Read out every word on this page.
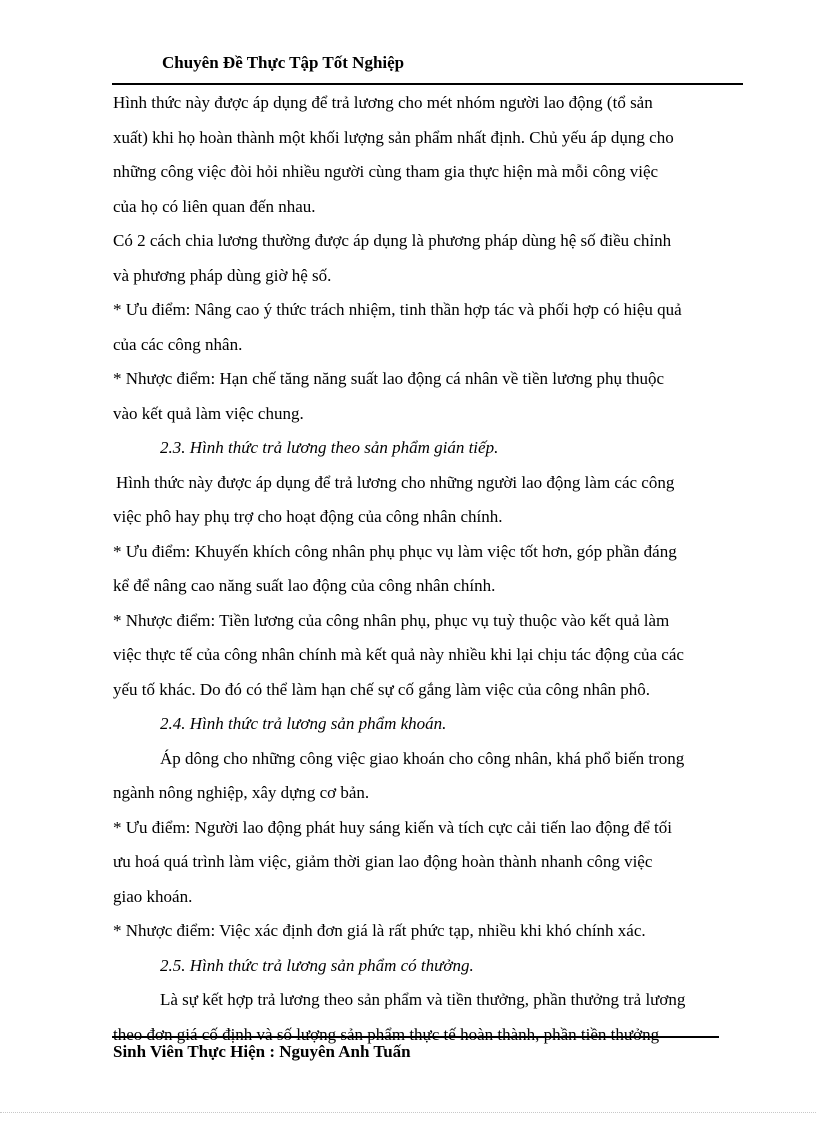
Chuyên Đề Thực Tập Tốt Nghiệp

Hình thức này được áp dụng để trả lương cho mét nhóm người lao động (tổ sản

xuất) khi họ hoàn thành một khối lượng sản phẩm nhất định. Chủ yếu áp dụng cho

những công việc đòi hỏi nhiều người cùng tham gia thực hiện mà mỗi công việc

của họ có liên quan đến nhau.

Có 2 cách chia lương thường được áp dụng là phương pháp dùng hệ số điều chỉnh

và phương pháp dùng giờ hệ số.

* Ưu điểm: Nâng cao ý thức trách nhiệm, tinh thần hợp tác và phối hợp có hiệu quả

của các công nhân.

* Nhược điểm: Hạn chế tăng năng suất lao động cá nhân về tiền lương phụ thuộc

vào kết quả làm việc chung.

2.3. Hình thức trả lương theo sản phẩm gián tiếp.

Hình thức này được áp dụng để trả lương cho những người lao động làm các công

việc phô hay phụ trợ cho hoạt động của công nhân chính.

* Ưu điểm: Khuyến khích công nhân phụ phục vụ làm việc tốt hơn, góp phần đáng

kể để nâng cao năng suất lao động của công nhân chính.

* Nhược điểm: Tiền lương của công nhân phụ, phục vụ tuỳ thuộc vào kết quả làm

việc thực tế của công nhân chính mà kết quả này nhiều khi lại chịu tác động của các

yếu tố khác. Do đó có thể làm hạn chế sự cố gắng làm việc của công nhân phô.

2.4. Hình thức trả lương sản phẩm khoán.

Áp dông cho những công việc giao khoán cho công nhân, khá phổ biến trong

ngành nông nghiệp, xây dựng cơ bản.

* Ưu điểm: Người lao động phát huy sáng kiến và tích cực cải tiến lao động để tối

ưu hoá quá trình làm việc, giảm thời gian lao động hoàn thành nhanh công việc

giao khoán.

* Nhược điểm: Việc xác định đơn giá là rất phức tạp, nhiều khi khó chính xác.

2.5. Hình thức trả lương sản phẩm có thưởng.

Là sự kết hợp trả lương theo sản phẩm và tiền thưởng, phần thưởng trả lương

theo đơn giá cố định và số lượng sản phẩm thực tế hoàn thành, phần tiền thưởng

Sinh Viên Thực Hiện : Nguyên Anh Tuấn
